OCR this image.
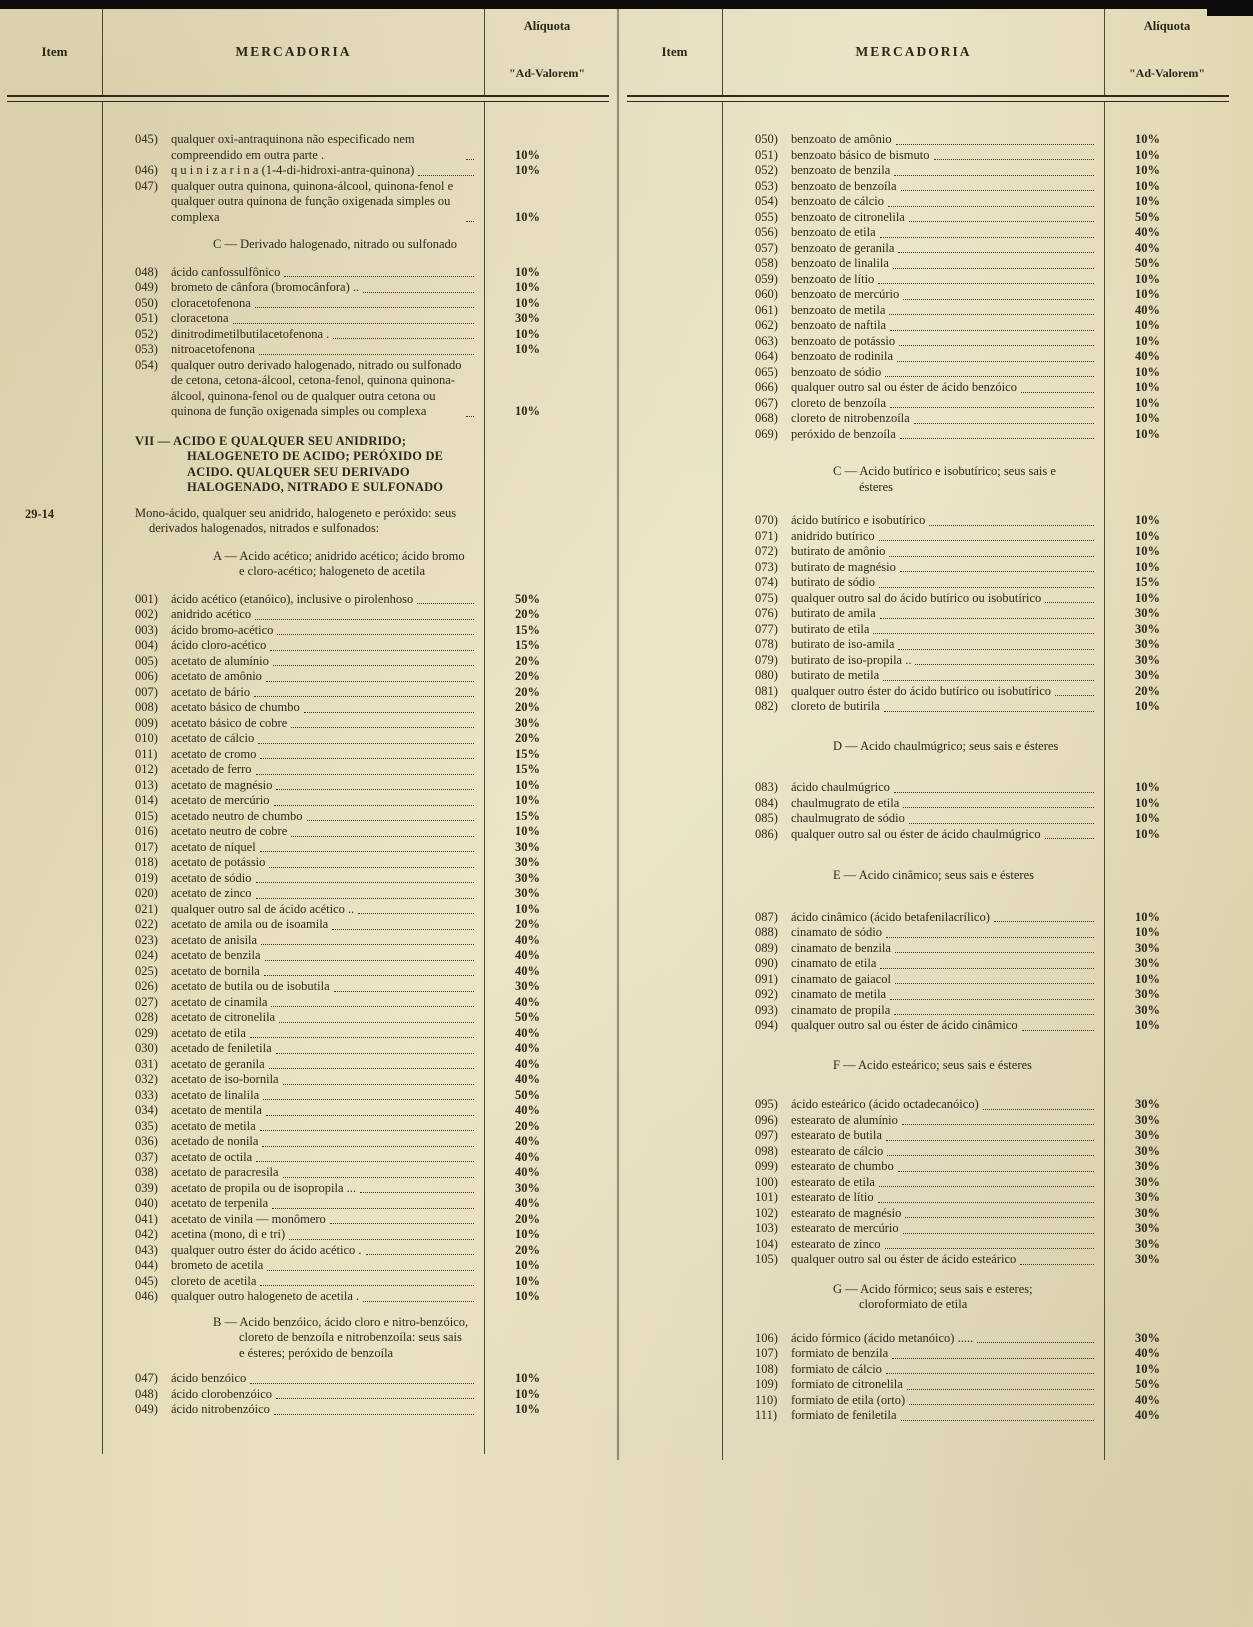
Item	MERCADORIA
Alíquota
"Ad-Valorem"
045)	qualquer oxi-antraquinona não especificado nem compreendido em outra parte .	10%
046)	q u i n i z a r i n a (1-4-di-hidroxi-antra-quinona)	10%
047)	qualquer outra quinona, quinona-álcool, quinona-fenol e qualquer outra quinona de função oxigenada simples ou complexa	10%
C — Derivado halogenado, nitrado ou sulfonado
048)	ácido canfossulfônico	10%
049)	brometo de cânfora (bromocânfora) ..	10%
050)	cloracetofenona	10%
051)	cloracetona	30%
052)	dinitrodimetilbutilacetofenona .	10%
053)	nitroacetofenona	10%
054)	qualquer outro derivado halogenado, nitrado ou sulfonado de cetona, cetona-álcool, cetona-fenol, quinona quinona-álcool, quinona-fenol ou de qualquer outra cetona ou quinona de função oxigenada simples ou complexa	10%
VII — ACIDO E QUALQUER SEU ANIDRIDO; HALOGENETO DE ACIDO; PERÓXIDO DE ACIDO. QUALQUER SEU DERIVADO HALOGENADO, NITRADO E SULFONADO
29-14	Mono-ácido, qualquer seu anidrido, halogeneto e peróxido: seus derivados halogenados, nitrados e sulfonados:
A — Acido acético; anidrido acético; ácido bromo e cloro-acético; halogeneto de acetila
001)	ácido acético (etanóico), inclusive o pirolenhoso	50%
002)	anidrido acético	20%
003)	ácido bromo-acético	15%
004)	ácido cloro-acético	15%
005)	acetato de alumínio	20%
006)	acetato de amônio	20%
007)	acetato de bário	20%
008)	acetato básico de chumbo	20%
009)	acetato básico de cobre	30%
010)	acetato de cálcio	20%
011)	acetato de cromo	15%
012)	acetado de ferro	15%
013)	acetato de magnésio	10%
014)	acetato de mercúrio	10%
015)	acetado neutro de chumbo	15%
016)	acetato neutro de cobre	10%
017)	acetato de níquel	30%
018)	acetato de potássio	30%
019)	acetato de sódio	30%
020)	acetato de zinco	30%
021)	qualquer outro sal de ácido acético ..	10%
022)	acetato de amila ou de isoamila	20%
023)	acetato de anisila	40%
024)	acetato de benzila	40%
025)	acetato de bornila	40%
026)	acetato de butila ou de isobutila	30%
027)	acetato de cinamila	40%
028)	acetato de citronelila	50%
029)	acetato de etila	40%
030)	acetado de feniletila	40%
031)	acetato de geranila	40%
032)	acetato de iso-bornila	40%
033)	acetato de linalila	50%
034)	acetato de mentila	40%
035)	acetato de metila	20%
036)	acetado de nonila	40%
037)	acetato de octila	40%
038)	acetato de paracresila	40%
039)	acetato de propila ou de isopropila ...	30%
040)	acetato de terpenila	40%
041)	acetato de vinila — monômero	20%
042)	acetina (mono, di e tri)	10%
043)	qualquer outro éster do ácido acético .	20%
044)	brometo de acetila	10%
045)	cloreto de acetila	10%
046)	qualquer outro halogeneto de acetila .	10%
B — Acido benzóico, ácido cloro e nitro-benzóico, cloreto de benzoíla e nitrobenzoíla: seus sais e ésteres; peróxido de benzoíla
047)	ácido benzóico	10%
048)	ácido clorobenzóico	10%
049)	ácido nitrobenzóico	10%
Item	MERCADORIA
Alíquota
"Ad-Valorem"
050)	benzoato de amônio	10%
051)	benzoato básico de bismuto	10%
052)	benzoato de benzila	10%
053)	benzoato de benzoíla	10%
054)	benzoato de cálcio	10%
055)	benzoato de citronelila	50%
056)	benzoato de etila	40%
057)	benzoato de geranila	40%
058)	benzoato de linalila	50%
059)	benzoato de lítio	10%
060)	benzoato de mercúrio	10%
061)	benzoato de metila	40%
062)	benzoato de naftila	10%
063)	benzoato de potássio	10%
064)	benzoato de rodinila	40%
065)	benzoato de sódio	10%
066)	qualquer outro sal ou éster de ácido benzóico	10%
067)	cloreto de benzoíla	10%
068)	cloreto de nitrobenzoíla	10%
069)	peróxido de benzoíla	10%
C — Acido butírico e isobutírico; seus sais e ésteres
070)	ácido butírico e isobutírico	10%
071)	anidrido butírico	10%
072)	butirato de amônio	10%
073)	butirato de magnésio	10%
074)	butirato de sódio	15%
075)	qualquer outro sal do ácido butírico ou isobutírico	10%
076)	butirato de amila	30%
077)	butirato de etila	30%
078)	butirato de iso-amila	30%
079)	butirato de iso-propila ..	30%
080)	butirato de metila	30%
081)	qualquer outro éster do ácido butírico ou isobutírico	20%
082)	cloreto de butirila	10%
D — Acido chaulmúgrico; seus sais e ésteres
083)	ácido chaulmúgrico	10%
084)	chaulmugrato de etila	10%
085)	chaulmugrato de sódio	10%
086)	qualquer outro sal ou éster de ácido chaulmúgrico	10%
E — Acido cinâmico; seus sais e ésteres
087)	ácido cinâmico (ácido betafenilacrílico)	10%
088)	cinamato de sódio	10%
089)	cinamato de benzila	30%
090)	cinamato de etila	30%
091)	cinamato de gaiacol	10%
092)	cinamato de metila	30%
093)	cinamato de propila	30%
094)	qualquer outro sal ou éster de ácido cinâmico	10%
F — Acido esteárico; seus sais e ésteres
095)	ácido esteárico (ácido octadecanóico)	30%
096)	estearato de alumínio	30%
097)	estearato de butila	30%
098)	estearato de cálcio	30%
099)	estearato de chumbo	30%
100)	estearato de etila	30%
101)	estearato de lítio	30%
102)	estearato de magnésio	30%
103)	estearato de mercúrio	30%
104)	estearato de zinco	30%
105)	qualquer outro sal ou éster de ácido esteárico	30%
G — Acido fórmico; seus sais e esteres; cloroformiato de etila
106)	ácido fórmico (ácido metanóico) .....	30%
107)	formiato de benzila	40%
108)	formiato de cálcio	10%
109)	formiato de citronelila	50%
110)	formiato de etila (orto)	40%
111)	formiato de feniletila	40%
